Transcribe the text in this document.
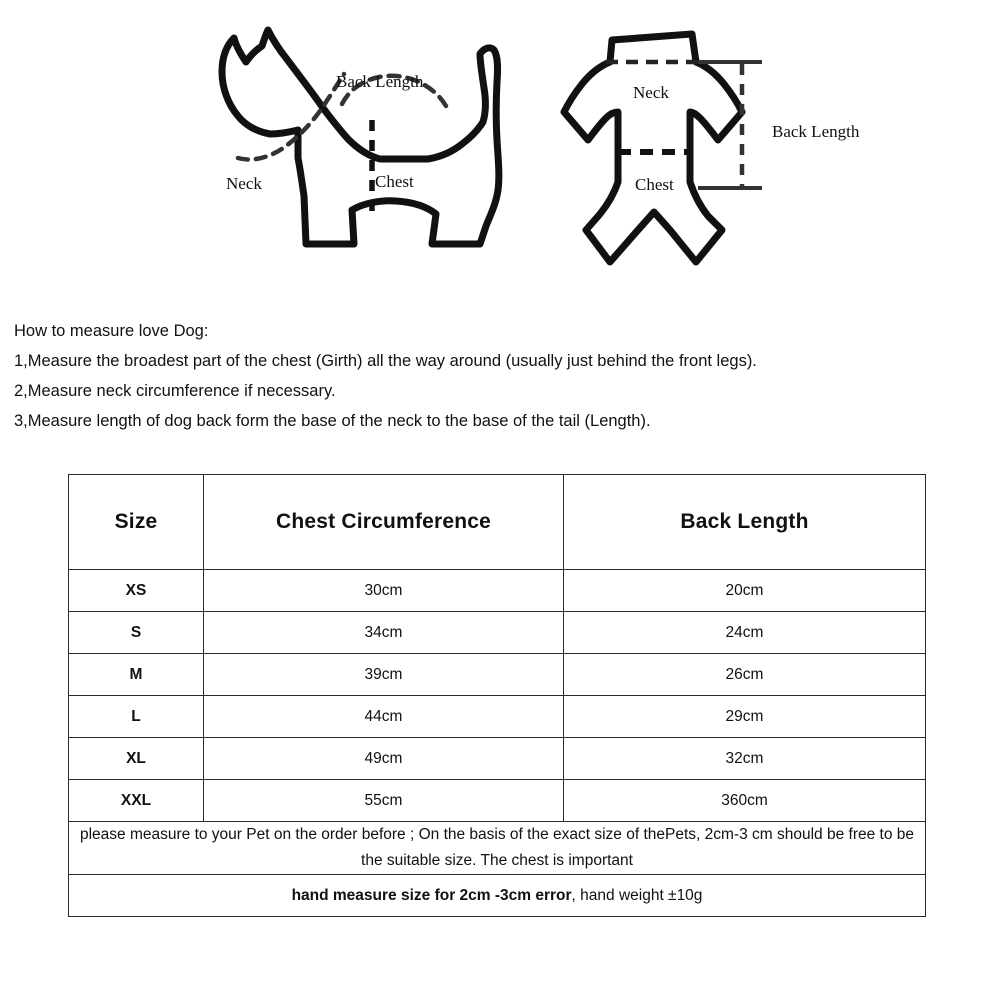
Back Length
Chest
Neck
Neck
Chest
Back Length

How to measure love Dog:

1,Measure the broadest part of the chest (Girth) all the way around (usually just behind the front legs).

2,Measure neck circumference if necessary.

3,Measure length of dog back form the base of the neck to the base of the tail (Length).

Size	Chest Circumference	Back Length
XS	30cm	20cm
S	34cm	24cm
M	39cm	26cm
L	44cm	29cm
XL	49cm	32cm
XXL	55cm	360cm
please measure to your Pet on the order before ; On the basis of the exact size of thePets, 2cm-3 cm should be free to be the suitable size. The chest is important		
hand measure size for 2cm -3cm error, hand weight ±10g		
